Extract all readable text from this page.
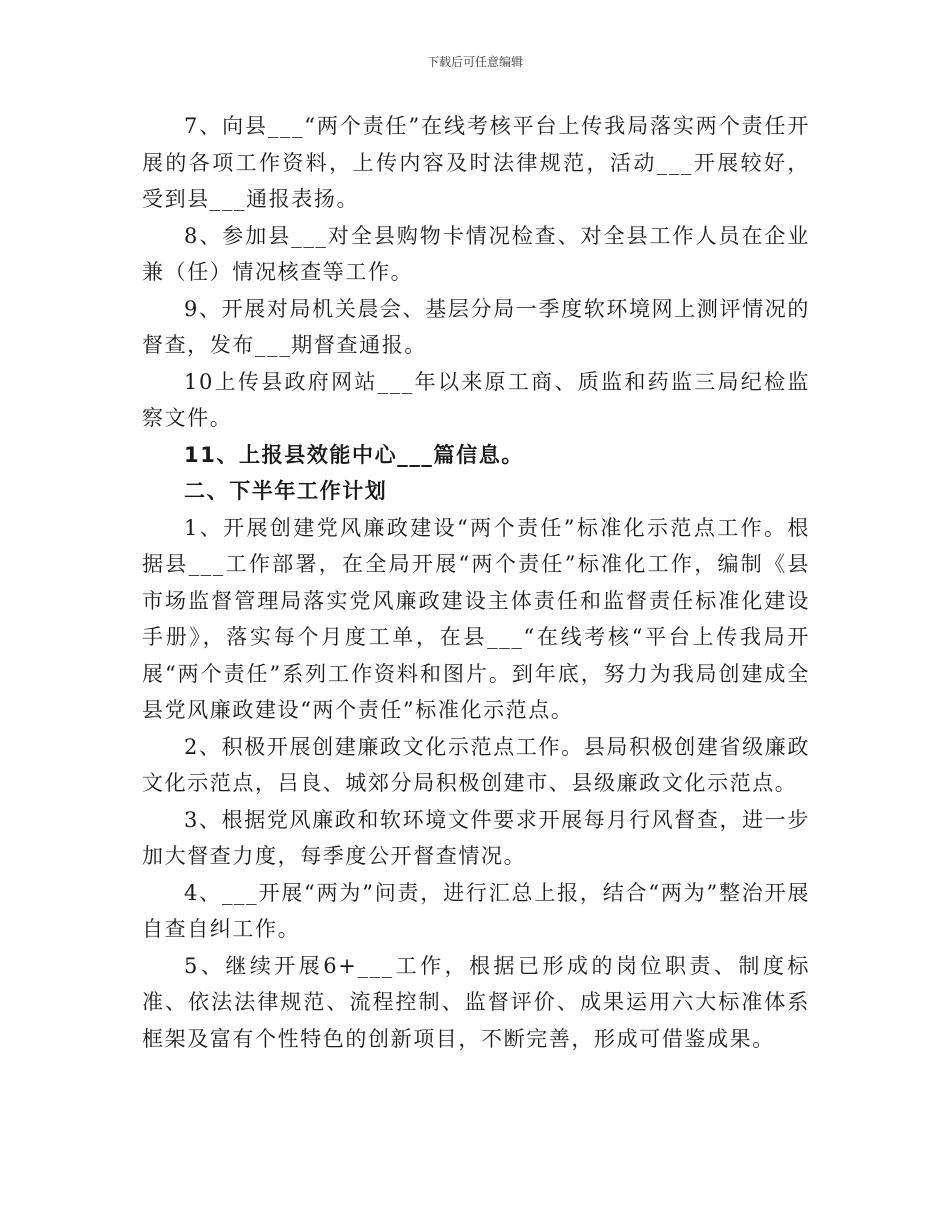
下载后可任意编辑

7、向县___“两个责任”在线考核平台上传我局落实两个责任开展的各项工作资料，上传内容及时法律规范，活动___开展较好，受到县___通报表扬。

8、参加县___对全县购物卡情况检查、对全县工作人员在企业兼（任）情况核查等工作。

9、开展对局机关晨会、基层分局一季度软环境网上测评情况的督查，发布___期督查通报。

10上传县政府网站___年以来原工商、质监和药监三局纪检监察文件。

11、上报县效能中心___篇信息。

二、下半年工作计划

1、开展创建党风廉政建设“两个责任”标准化示范点工作。根据县___工作部署，在全局开展“两个责任”标准化工作，编制《县市场监督管理局落实党风廉政建设主体责任和监督责任标准化建设手册》，落实每个月度工单，在县___“在线考核“平台上传我局开展“两个责任”系列工作资料和图片。到年底，努力为我局创建成全县党风廉政建设“两个责任”标准化示范点。

2、积极开展创建廉政文化示范点工作。县局积极创建省级廉政文化示范点，吕良、城郊分局积极创建市、县级廉政文化示范点。

3、根据党风廉政和软环境文件要求开展每月行风督查，进一步加大督查力度，每季度公开督查情况。

4、___开展“两为”问责，进行汇总上报，结合“两为”整治开展自查自纠工作。

5、继续开展6+___工作，根据已形成的岗位职责、制度标准、依法法律规范、流程控制、监督评价、成果运用六大标准体系框架及富有个性特色的创新项目，不断完善，形成可借鉴成果。
